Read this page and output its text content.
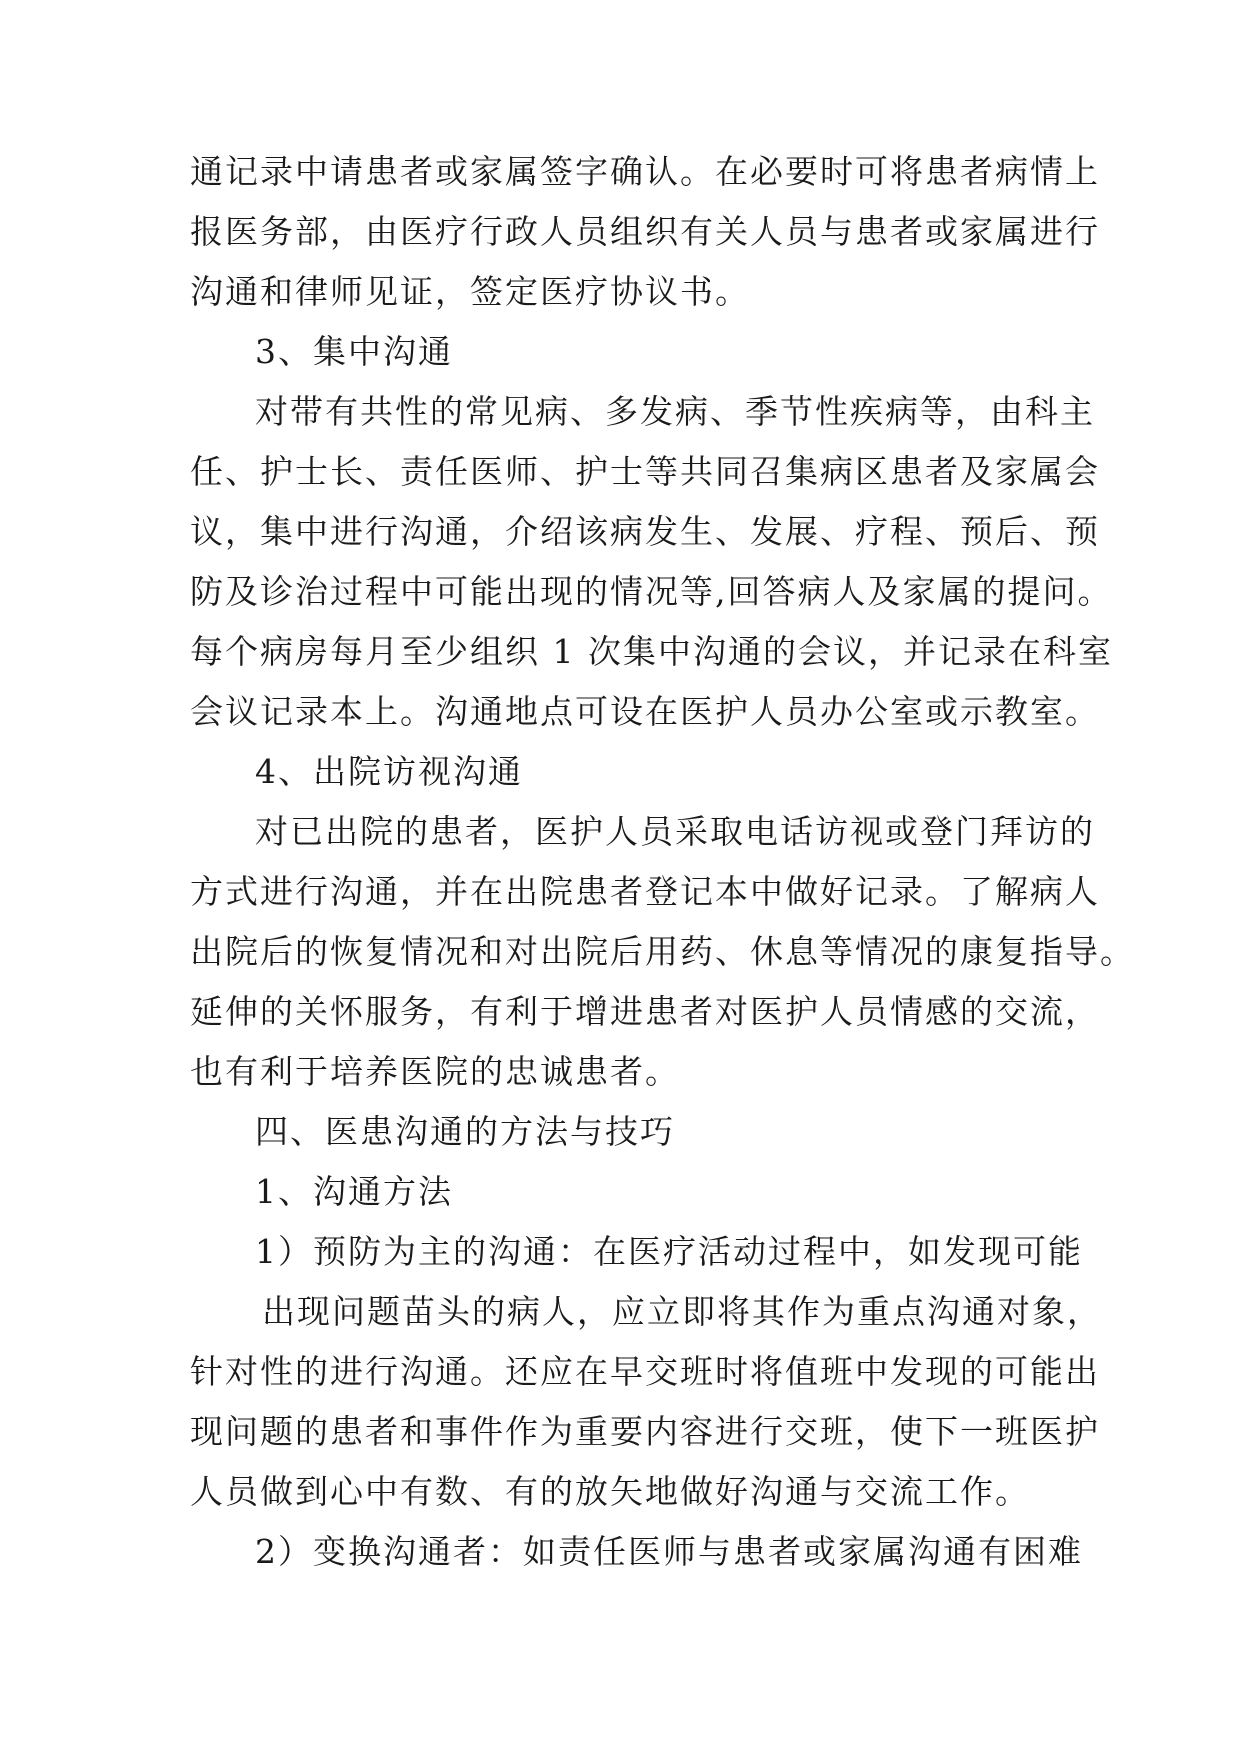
通记录中请患者或家属签字确认。在必要时可将患者病情上
报医务部，由医疗行政人员组织有关人员与患者或家属进行
沟通和律师见证，签定医疗协议书。
3、集中沟通
对带有共性的常见病、多发病、季节性疾病等，由科主
任、护士长、责任医师、护士等共同召集病区患者及家属会
议，集中进行沟通，介绍该病发生、发展、疗程、预后、预
防及诊治过程中可能出现的情况等,回答病人及家属的提问。
每个病房每月至少组织 1 次集中沟通的会议，并记录在科室
会议记录本上。沟通地点可设在医护人员办公室或示教室。
4、出院访视沟通
对已出院的患者，医护人员采取电话访视或登门拜访的
方式进行沟通，并在出院患者登记本中做好记录。了解病人
出院后的恢复情况和对出院后用药、休息等情况的康复指导。
延伸的关怀服务，有利于增进患者对医护人员情感的交流，
也有利于培养医院的忠诚患者。
四、医患沟通的方法与技巧
1、沟通方法
1）预防为主的沟通：在医疗活动过程中，如发现可能
出现问题苗头的病人，应立即将其作为重点沟通对象，
针对性的进行沟通。还应在早交班时将值班中发现的可能出
现问题的患者和事件作为重要内容进行交班，使下一班医护
人员做到心中有数、有的放矢地做好沟通与交流工作。
2）变换沟通者：如责任医师与患者或家属沟通有困难
